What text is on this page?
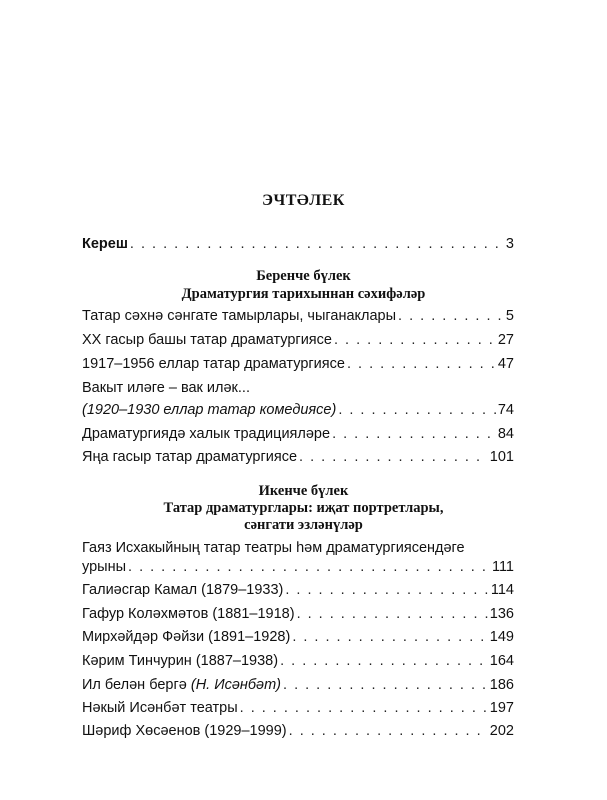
ЭЧТӘЛЕК
Кереш . . .	3
Беренче бүлек
Драматургия тарихыннан сәхифәләр
Татар сәхнә сәнгате тамырлары, чыганаклары . . .	5
XX гасыр башы татар драматургиясе . . .	27
1917–1956 еллар татар драматургиясе . . .	47
Вакыт иләге – вак иләк...
(1920–1930 еллар татар комедиясе) . . .	74
Драматургиядә халык традицияләре . . .	84
Яңа гасыр татар драматургиясе . . .	101
Икенче бүлек
Татар драматурглары: иҗат портретлары,
сәнгати эзләнүләр
Гаяз Исхакыйның татар театры һәм драматургиясендәге
урыны . . .	111
Галиәсгар Камал (1879–1933) . . .	114
Гафур Коләхмәтов (1881–1918) . . .	136
Мирхәйдәр Фәйзи (1891–1928) . . .	149
Кәрим Тинчурин (1887–1938) . . .	164
Ил белән бергә (Н. Исәнбәт) . . .	186
Нәкый Исәнбәт театры . . .	197
Шәриф Хөсәенов (1929–1999) . . .	202
